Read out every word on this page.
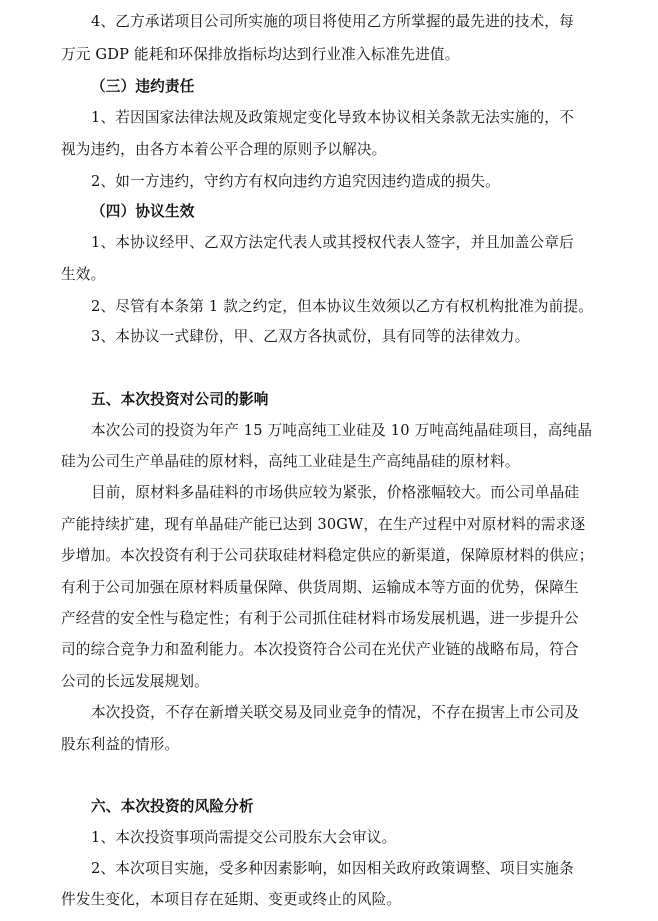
4、乙方承诺项目公司所实施的项目将使用乙方所掌握的最先进的技术，每
万元 GDP 能耗和环保排放指标均达到行业准入标准先进值。
（三）违约责任
1、若因国家法律法规及政策规定变化导致本协议相关条款无法实施的，不
视为违约，由各方本着公平合理的原则予以解决。
2、如一方违约，守约方有权向违约方追究因违约造成的损失。
（四）协议生效
1、本协议经甲、乙双方法定代表人或其授权代表人签字，并且加盖公章后
生效。
2、尽管有本条第 1 款之约定，但本协议生效须以乙方有权机构批准为前提。
3、本协议一式肆份，甲、乙双方各执贰份，具有同等的法律效力。
五、本次投资对公司的影响
本次公司的投资为年产 15 万吨高纯工业硅及 10 万吨高纯晶硅项目，高纯晶
硅为公司生产单晶硅的原材料，高纯工业硅是生产高纯晶硅的原材料。
目前，原材料多晶硅料的市场供应较为紧张，价格涨幅较大。而公司单晶硅
产能持续扩建，现有单晶硅产能已达到 30GW，在生产过程中对原材料的需求逐
步增加。本次投资有利于公司获取硅材料稳定供应的新渠道，保障原材料的供应；
有利于公司加强在原材料质量保障、供货周期、运输成本等方面的优势，保障生
产经营的安全性与稳定性；有利于公司抓住硅材料市场发展机遇，进一步提升公
司的综合竞争力和盈利能力。本次投资符合公司在光伏产业链的战略布局，符合
公司的长远发展规划。
本次投资，不存在新增关联交易及同业竞争的情况，不存在损害上市公司及
股东利益的情形。
六、本次投资的风险分析
1、本次投资事项尚需提交公司股东大会审议。
2、本次项目实施，受多种因素影响，如因相关政府政策调整、项目实施条
件发生变化，本项目存在延期、变更或终止的风险。
